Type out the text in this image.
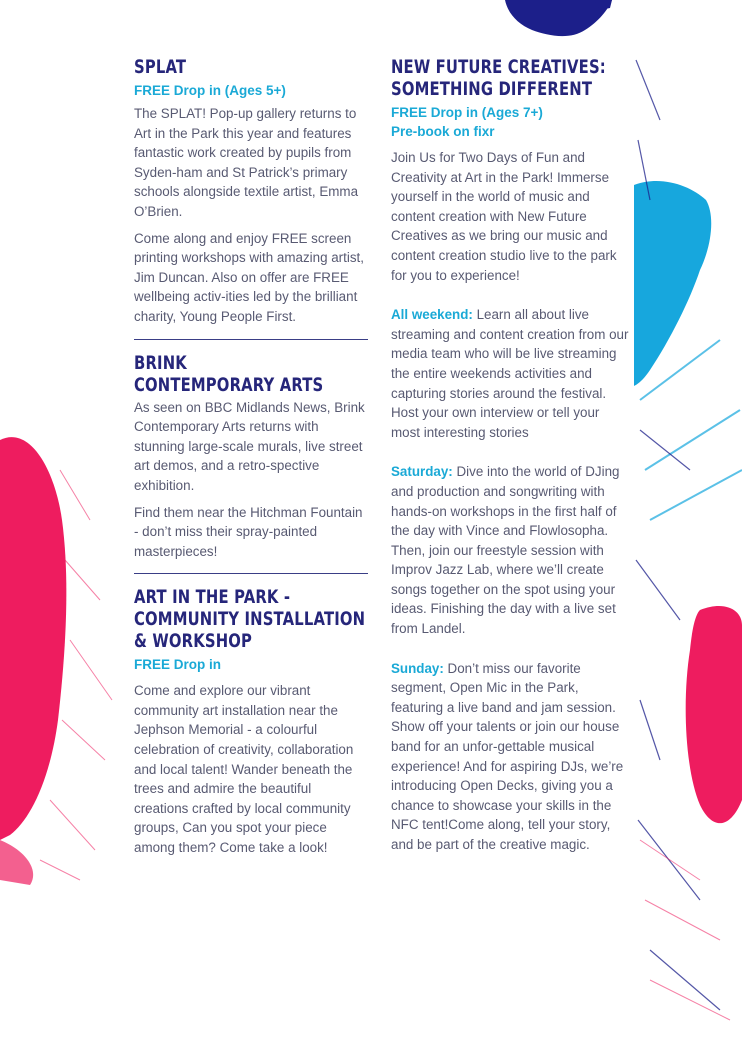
SPLAT
FREE Drop in (Ages 5+)

The SPLAT! Pop-up gallery returns to Art in the Park this year and features fantastic work created by pupils from Syden-ham and St Patrick’s primary schools alongside textile artist, Emma O’Brien.

Come along and enjoy FREE screen printing workshops with amazing artist, Jim Duncan. Also on offer are FREE wellbeing activ-ities led by the brilliant charity, Young People First.

BRINK
CONTEMPORARY ARTS

As seen on BBC Midlands News, Brink Contemporary Arts returns with stunning large-scale murals, live street art demos, and a retro-spective exhibition.

Find them near the Hitchman Fountain - don’t miss their spray-painted masterpieces!

ART IN THE PARK -
COMMUNITY INSTALLATION
& WORKSHOP
FREE Drop in

Come and explore our vibrant community art installation near the Jephson Memorial - a colourful celebration of creativity, collaboration and local talent! Wander beneath the trees and admire the beautiful creations crafted by local community groups, Can you spot your piece among them? Come take a look!

NEW FUTURE CREATIVES:
SOMETHING DIFFERENT
FREE Drop in (Ages 7+)
Pre-book on fixr

Join Us for Two Days of Fun and Creativity at Art in the Park! Immerse yourself in the world of music and content creation with New Future Creatives as we bring our music and content creation studio live to the park for you to experience!

All weekend: Learn all about live streaming and content creation from our media team who will be live streaming the entire weekends activities and capturing stories around the festival. Host your own interview or tell your most interesting stories

Saturday: Dive into the world of DJing and production and songwriting with hands-on workshops in the first half of the day with Vince and Flowlosopha. Then, join our freestyle session with Improv Jazz Lab, where we’ll create songs together on the spot using your ideas. Finishing the day with a live set from Landel.

Sunday: Don’t miss our favorite segment, Open Mic in the Park, featuring a live band and jam session. Show off your talents or join our house band for an unfor-gettable musical experience! And for aspiring DJs, we’re introducing Open Decks, giving you a chance to showcase your skills in the NFC tent!Come along, tell your story, and be part of the creative magic.
